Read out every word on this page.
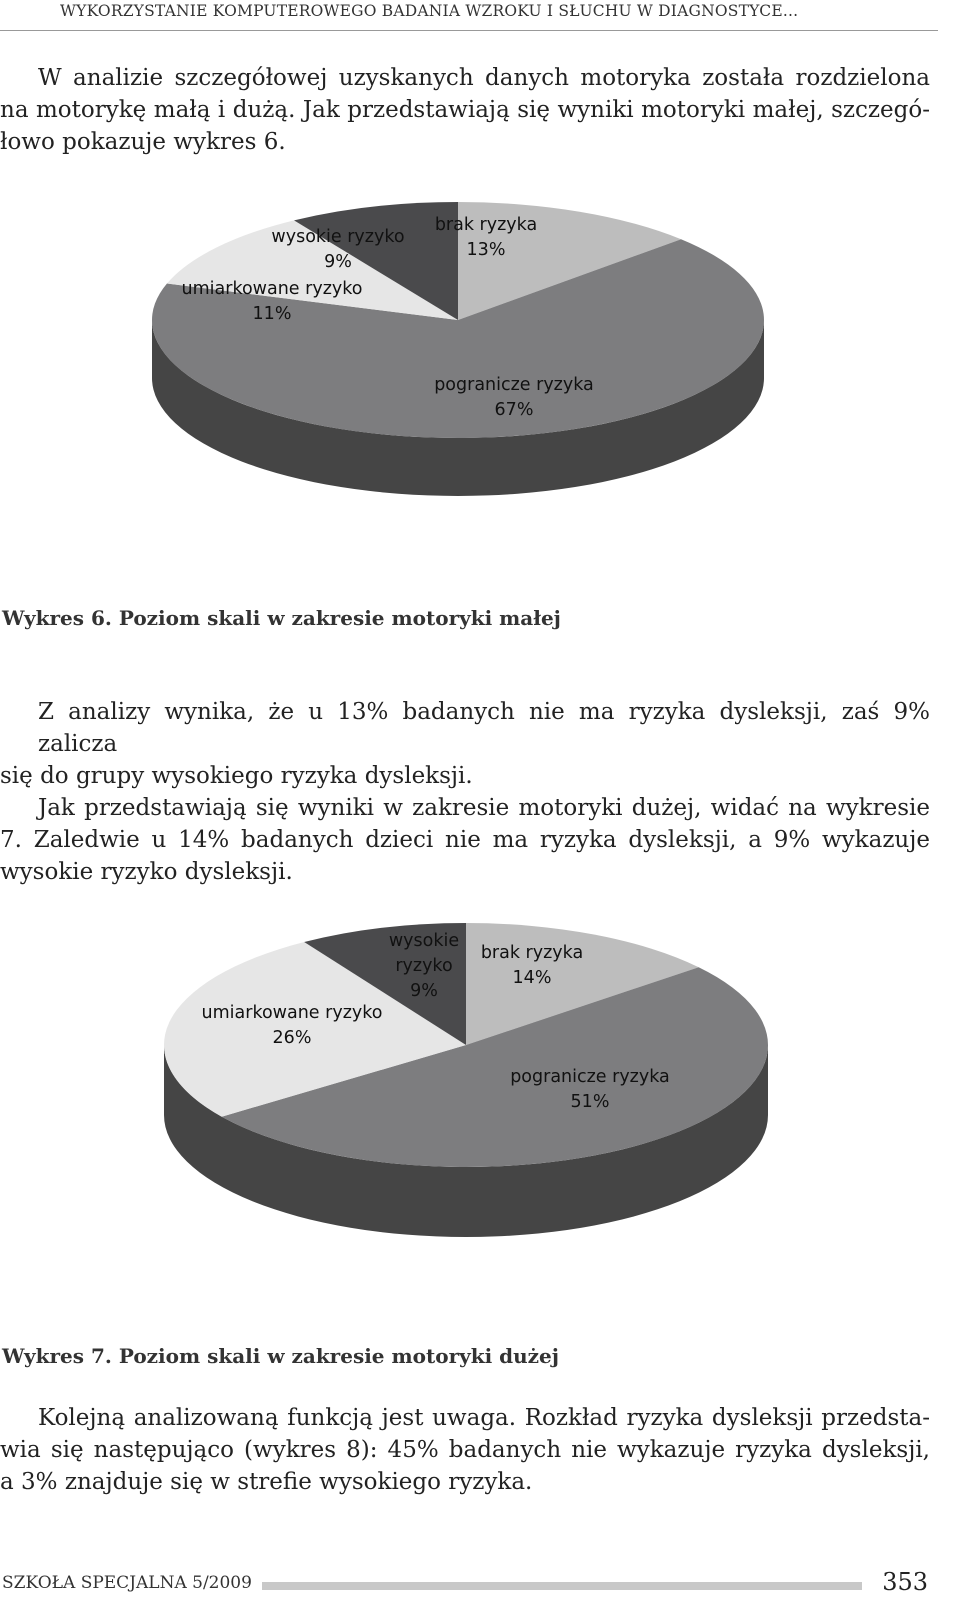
WYKORZYSTANIE KOMPUTEROWEGO BADANIA WZROKU I SŁUCHU W DIAGNOSTYCE...

W analizie szczegółowej uzyskanych danych motoryka została rozdzielona
na motorykę małą i dużą. Jak przedstawiają się wyniki motoryki małej, szczegó-
łowo pokazuje wykres 6.

brak ryzyka 13%
pogranicze ryzyka 67%
umiarkowane ryzyko 11%
wysokie ryzyko 9%
Wykres 6. Poziom skali w zakresie motoryki małej

Z analizy wynika, że u 13% badanych nie ma ryzyka dysleksji, zaś 9% zalicza
się do grupy wysokiego ryzyka dysleksji.
Jak przedstawiają się wyniki w zakresie motoryki dużej, widać na wykresie
7. Zaledwie u 14% badanych dzieci nie ma ryzyka dysleksji, a 9% wykazuje
wysokie ryzyko dysleksji.

brak ryzyka 14%
pogranicze ryzyka 51%
umiarkowane ryzyko 26%
wysokie ryzyko 9%
Wykres 7. Poziom skali w zakresie motoryki dużej

Kolejną analizowaną funkcją jest uwaga. Rozkład ryzyka dysleksji przedsta-
wia się następująco (wykres 8): 45% badanych nie wykazuje ryzyka dysleksji,
a 3% znajduje się w strefie wysokiego ryzyka.

SZKOŁA SPECJALNA 5/2009	353
